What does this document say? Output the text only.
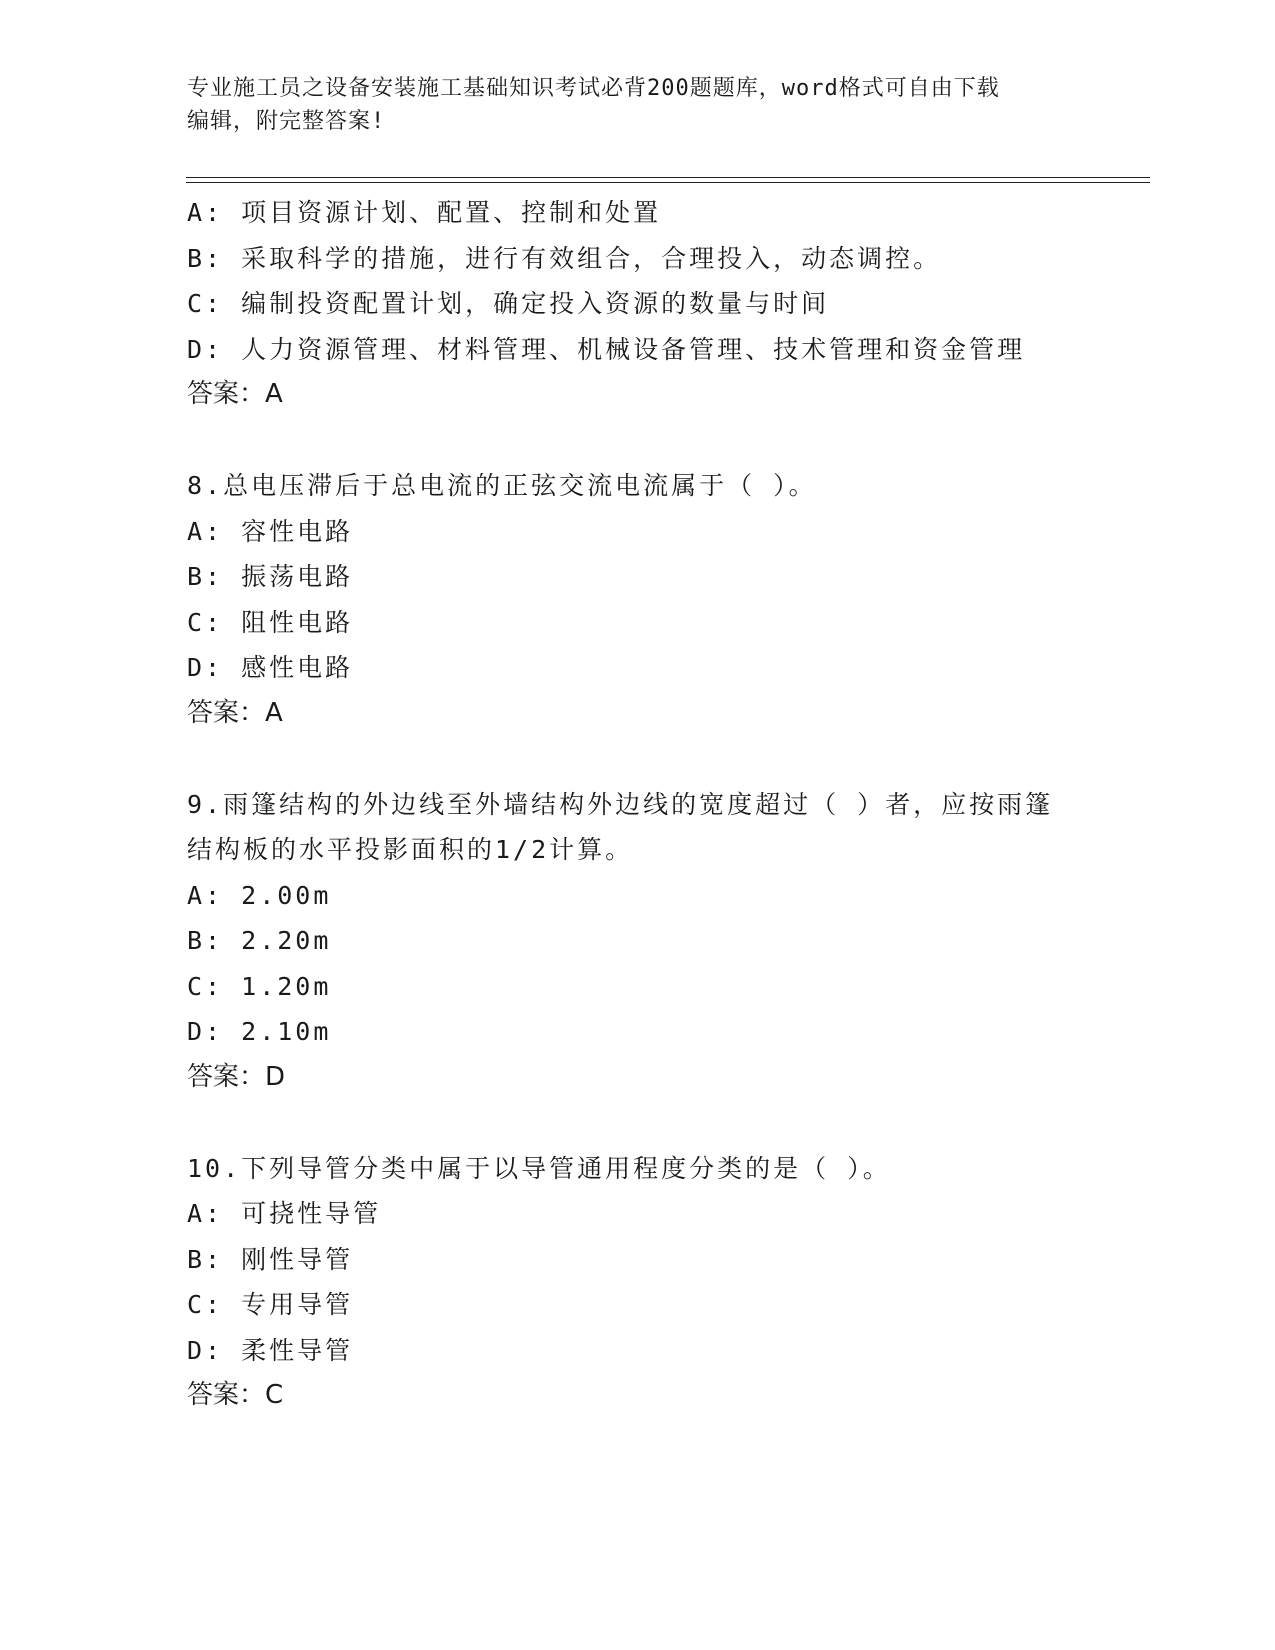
专业施工员之设备安装施工基础知识考试必背200题题库，word格式可自由下载
编辑，附完整答案!
A: 项目资源计划、配置、控制和处置
B: 采取科学的措施，进行有效组合，合理投入，动态调控。
C: 编制投资配置计划，确定投入资源的数量与时间
D: 人力资源管理、材料管理、机械设备管理、技术管理和资金管理
答案：A
8.总电压滞后于总电流的正弦交流电流属于（ ）。
A: 容性电路
B: 振荡电路
C: 阻性电路
D: 感性电路
答案：A
9.雨篷结构的外边线至外墙结构外边线的宽度超过（ ）者，应按雨篷
结构板的水平投影面积的1/2计算。
A: 2.00m
B: 2.20m
C: 1.20m
D: 2.10m
答案：D
10.下列导管分类中属于以导管通用程度分类的是（ ）。
A: 可挠性导管
B: 刚性导管
C: 专用导管
D: 柔性导管
答案：C
